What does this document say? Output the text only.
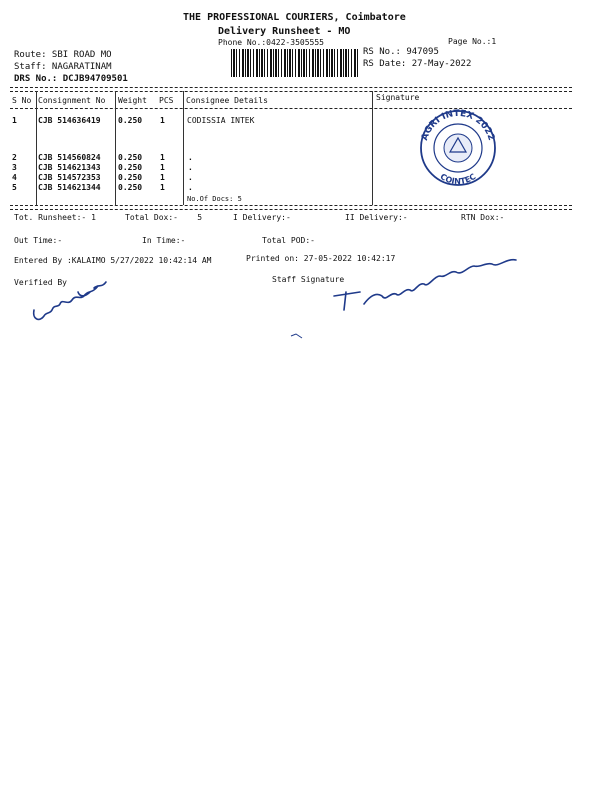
THE PROFESSIONAL COURIERS, Coimbatore
Delivery Runsheet - MO
Phone No.:0422-3505555	Page No.:1
Route: SBI ROAD MO
Staff: NAGARATINAM
DRS No.: DCJB94709501
RS No.: 947095
RS Date: 27-May-2022
S No Consignment No Weight PCS Consignee Details	Signature
1	CJB 514636419 0.250 1	CODISSIA INTEK
2	CJB 514560824 0.250 1	.
3	CJB 514621343 0.250 1	.
4	CJB 514572353 0.250 1	.
5	CJB 514621344 0.250 1	.
No.Of Docs: 5
AGRI INTEX 2022
COINTEC
Tot. Runsheet:- 1	Total Dox:-    5	I Delivery:-	II Delivery:-	RTN Dox:-
Out Time:-	In Time:-	Total POD:-
Entered By :KALAIMO 5/27/2022 10:42:14 AM	Printed on: 27-05-2022 10:42:17
Verified By	Staff Signature
T. Nagarathinam
